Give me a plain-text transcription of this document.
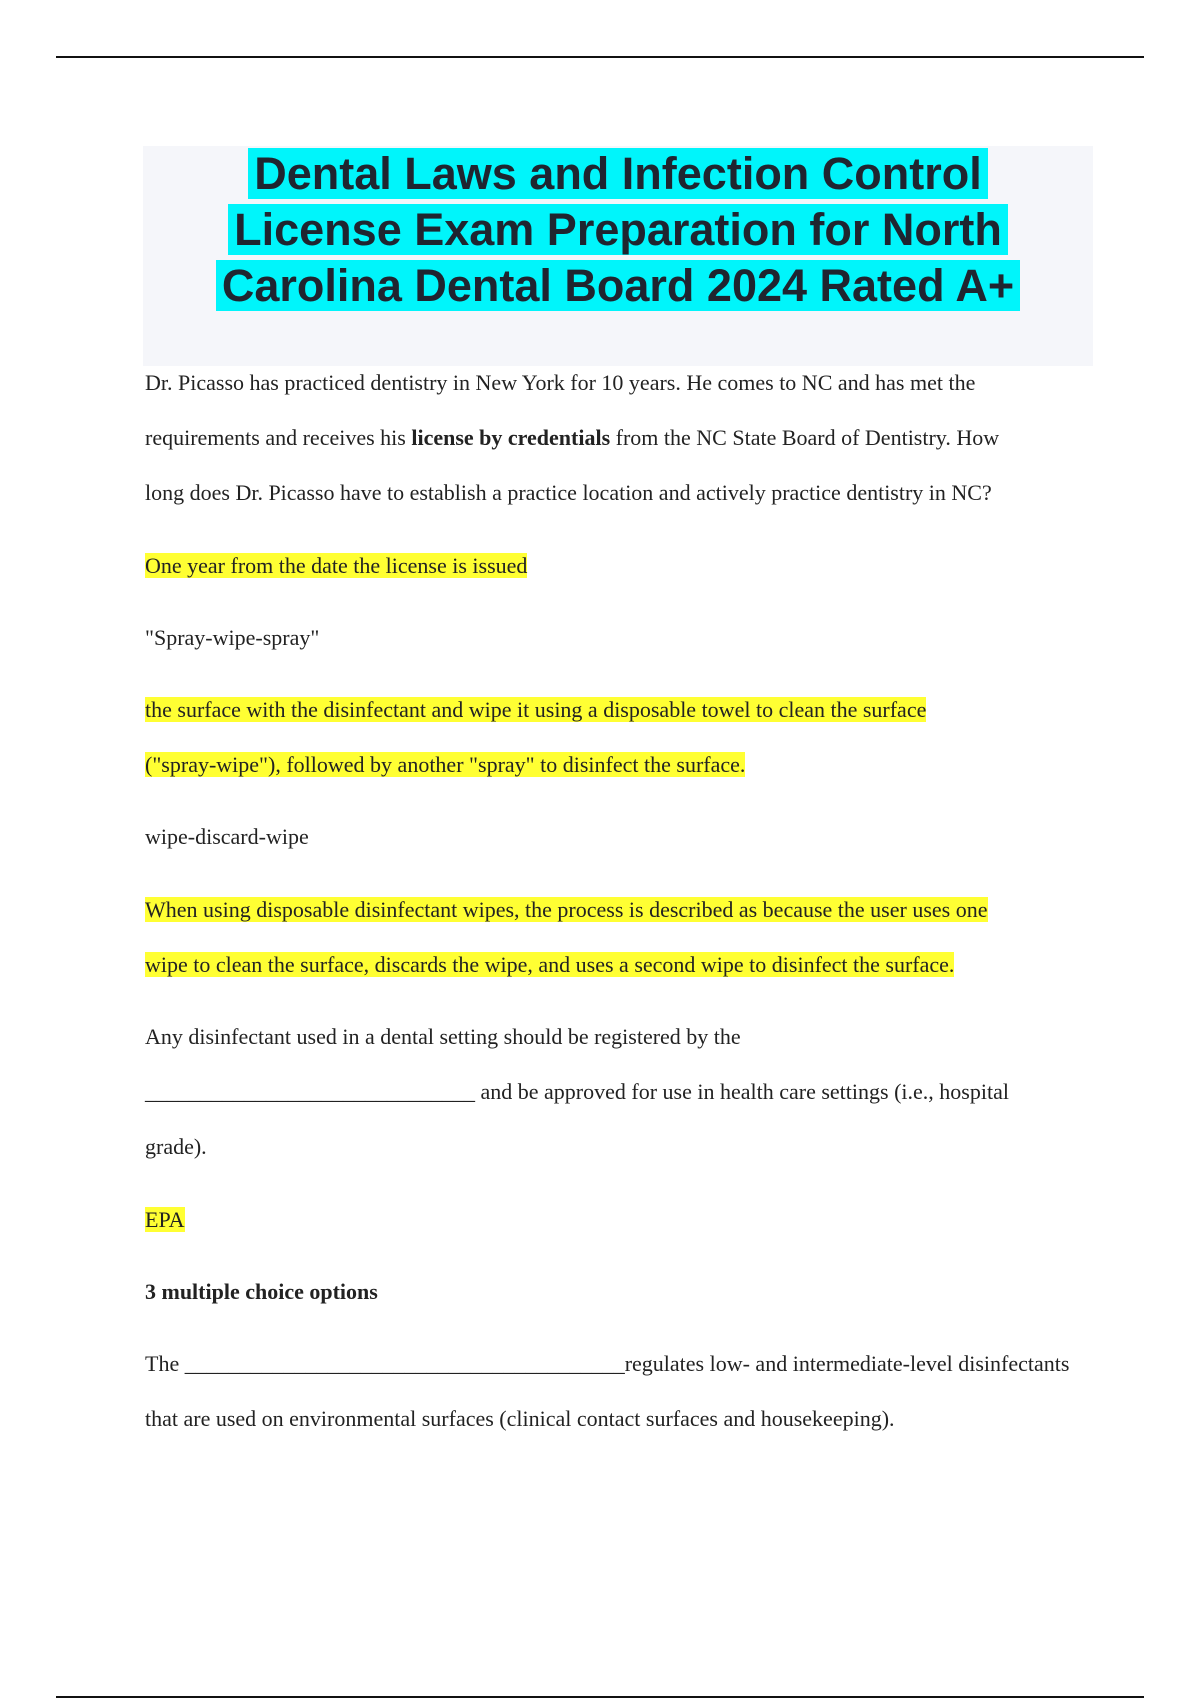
Dental Laws and Infection Control
License Exam Preparation for North
Carolina Dental Board 2024 Rated A+
Dr. Picasso has practiced dentistry in New York for 10 years. He comes to NC and has met the
requirements and receives his license by credentials from the NC State Board of Dentistry. How
long does Dr. Picasso have to establish a practice location and actively practice dentistry in NC?
One year from the date the license is issued
"Spray-wipe-spray"
the surface with the disinfectant and wipe it using a disposable towel to clean the surface
("spray-wipe"), followed by another "spray" to disinfect the surface.
wipe-discard-wipe
When using disposable disinfectant wipes, the process is described as because the user uses one
wipe to clean the surface, discards the wipe, and uses a second wipe to disinfect the surface.
Any disinfectant used in a dental setting should be registered by the
______________________________ and be approved for use in health care settings (i.e., hospital
grade).
EPA
3 multiple choice options
The ________________________________________regulates low- and intermediate-level disinfectants
that are used on environmental surfaces (clinical contact surfaces and housekeeping).
